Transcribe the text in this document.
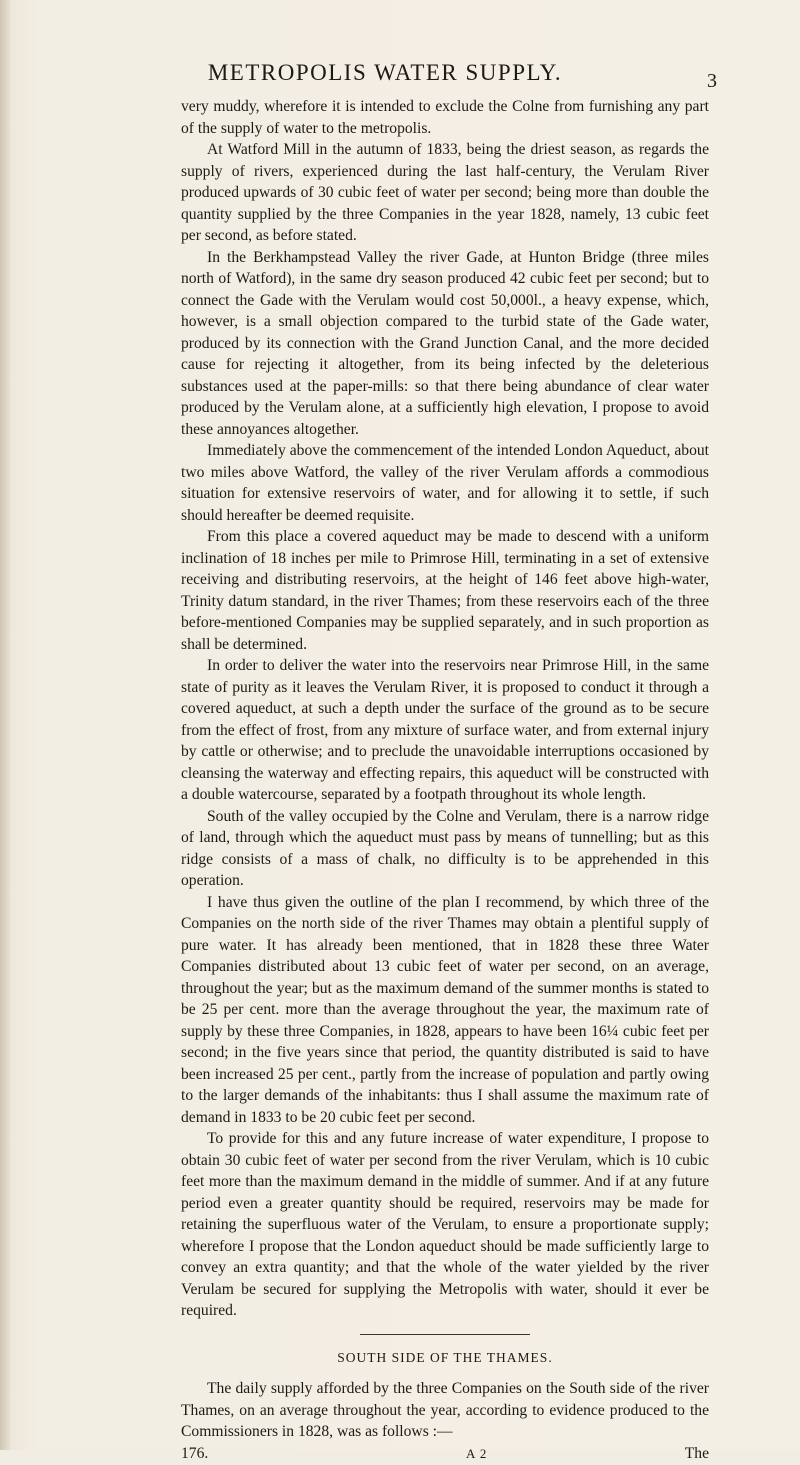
METROPOLIS WATER SUPPLY.	3

very muddy, wherefore it is intended to exclude the Colne from furnishing any part of the supply of water to the metropolis.

At Watford Mill in the autumn of 1833, being the driest season, as regards the supply of rivers, experienced during the last half-century, the Verulam River produced upwards of 30 cubic feet of water per second; being more than double the quantity supplied by the three Companies in the year 1828, namely, 13 cubic feet per second, as before stated.

In the Berkhampstead Valley the river Gade, at Hunton Bridge (three miles north of Watford), in the same dry season produced 42 cubic feet per second; but to connect the Gade with the Verulam would cost 50,000l., a heavy expense, which, however, is a small objection compared to the turbid state of the Gade water, produced by its connection with the Grand Junction Canal, and the more decided cause for rejecting it altogether, from its being infected by the deleterious substances used at the paper-mills: so that there being abundance of clear water produced by the Verulam alone, at a sufficiently high elevation, I propose to avoid these annoyances altogether.

Immediately above the commencement of the intended London Aqueduct, about two miles above Watford, the valley of the river Verulam affords a commodious situation for extensive reservoirs of water, and for allowing it to settle, if such should hereafter be deemed requisite.

From this place a covered aqueduct may be made to descend with a uniform inclination of 18 inches per mile to Primrose Hill, terminating in a set of extensive receiving and distributing reservoirs, at the height of 146 feet above high-water, Trinity datum standard, in the river Thames; from these reservoirs each of the three before-mentioned Companies may be supplied separately, and in such proportion as shall be determined.

In order to deliver the water into the reservoirs near Primrose Hill, in the same state of purity as it leaves the Verulam River, it is proposed to conduct it through a covered aqueduct, at such a depth under the surface of the ground as to be secure from the effect of frost, from any mixture of surface water, and from external injury by cattle or otherwise; and to preclude the unavoidable interruptions occasioned by cleansing the waterway and effecting repairs, this aqueduct will be constructed with a double watercourse, separated by a footpath throughout its whole length.

South of the valley occupied by the Colne and Verulam, there is a narrow ridge of land, through which the aqueduct must pass by means of tunnelling; but as this ridge consists of a mass of chalk, no difficulty is to be apprehended in this operation.

I have thus given the outline of the plan I recommend, by which three of the Companies on the north side of the river Thames may obtain a plentiful supply of pure water. It has already been mentioned, that in 1828 these three Water Companies distributed about 13 cubic feet of water per second, on an average, throughout the year; but as the maximum demand of the summer months is stated to be 25 per cent. more than the average throughout the year, the maximum rate of supply by these three Companies, in 1828, appears to have been 16¼ cubic feet per second; in the five years since that period, the quantity distributed is said to have been increased 25 per cent., partly from the increase of population and partly owing to the larger demands of the inhabitants: thus I shall assume the maximum rate of demand in 1833 to be 20 cubic feet per second.

To provide for this and any future increase of water expenditure, I propose to obtain 30 cubic feet of water per second from the river Verulam, which is 10 cubic feet more than the maximum demand in the middle of summer. And if at any future period even a greater quantity should be required, reservoirs may be made for retaining the superfluous water of the Verulam, to ensure a proportionate supply; wherefore I propose that the London aqueduct should be made sufficiently large to convey an extra quantity; and that the whole of the water yielded by the river Verulam be secured for supplying the Metropolis with water, should it ever be required.

SOUTH SIDE OF THE THAMES.

The daily supply afforded by the three Companies on the South side of the river Thames, on an average throughout the year, according to evidence produced to the Commissioners in 1828, was as follows :—

176.	A 2	The
